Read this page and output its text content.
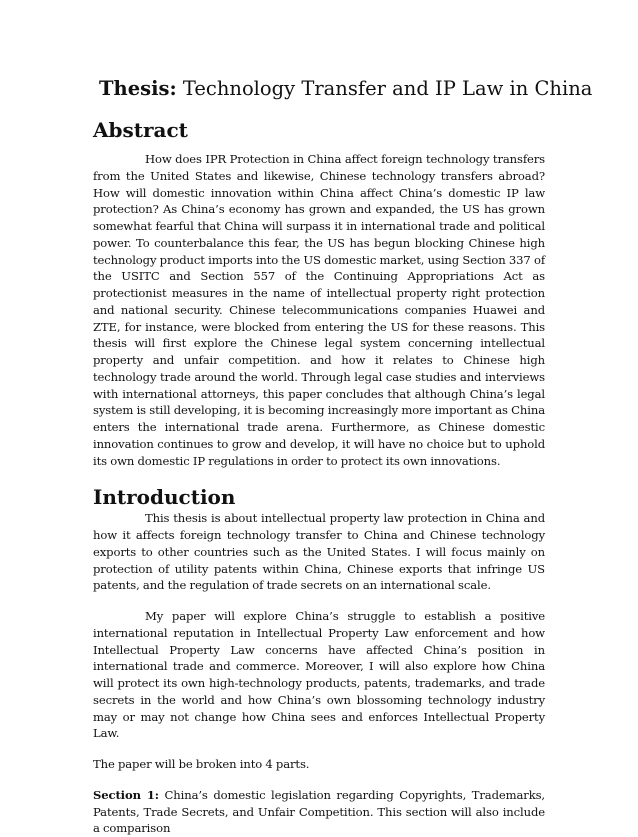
Thesis: Technology Transfer and IP Law in China
Abstract

How does IPR Protection in China affect foreign technology transfers from the United States and likewise, Chinese technology transfers abroad? How will domestic innovation within China affect China’s domestic IP law protection? As China’s economy has grown and expanded, the US has grown somewhat fearful that China will surpass it in international trade and political power. To counterbalance this fear, the US has begun blocking Chinese high technology product imports into the US domestic market, using Section 337 of the USITC and Section 557 of the Continuing Appropriations Act as protectionist measures in the name of intellectual property right protection and national security. Chinese telecommunications companies Huawei and ZTE, for instance, were blocked from entering the US for these reasons. This thesis will first explore the Chinese legal system concerning intellectual property and unfair competition. and how it relates to Chinese high technology trade around the world. Through legal case studies and interviews with international attorneys, this paper concludes that although China’s legal system is still developing, it is becoming increasingly more important as China enters the international trade arena. Furthermore, as Chinese domestic innovation continues to grow and develop, it will have no choice but to uphold its own domestic IP regulations in order to protect its own innovations.

Introduction

This thesis is about intellectual property law protection in China and how it affects foreign technology transfer to China and Chinese technology exports to other countries such as the United States. I will focus mainly on protection of utility patents within China, Chinese exports that infringe US patents, and the regulation of trade secrets on an international scale.

My paper will explore China’s struggle to establish a positive international reputation in Intellectual Property Law enforcement and how Intellectual Property Law concerns have affected China’s position in international trade and commerce. Moreover, I will also explore how China will protect its own high-technology products, patents, trademarks, and trade secrets in the world and how China’s own blossoming technology industry may or may not change how China sees and enforces Intellectual Property Law.

The paper will be broken into 4 parts.

Section 1: China’s domestic legislation regarding Copyrights, Trademarks, Patents, Trade Secrets, and Unfair Competition. This section will also include a comparison
